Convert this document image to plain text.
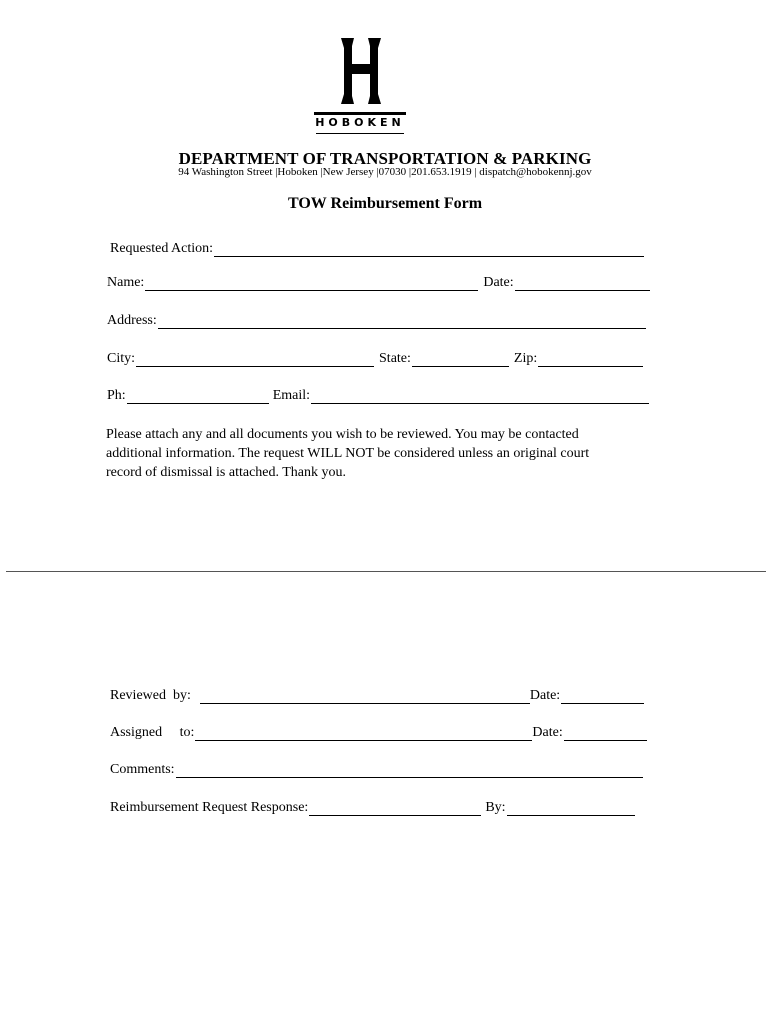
HOBOKEN
DEPARTMENT OF TRANSPORTATION & PARKING
94 Washington Street |Hoboken |New Jersey |07030 |201.653.1919 | dispatch@hobokennj.gov
TOW Reimbursement Form
Requested Action:
Name:	Date:
Address:
City:	State:	Zip:
Ph:	Email:
Please attach any and all documents you wish to be reviewed. You may be contacted
additional information. The request WILL NOT be considered unless an original court
record of dismissal is attached. Thank you.
Reviewed  by:	Date:
Assigned     to:	Date:
Comments:
Reimbursement Request Response:	By:
